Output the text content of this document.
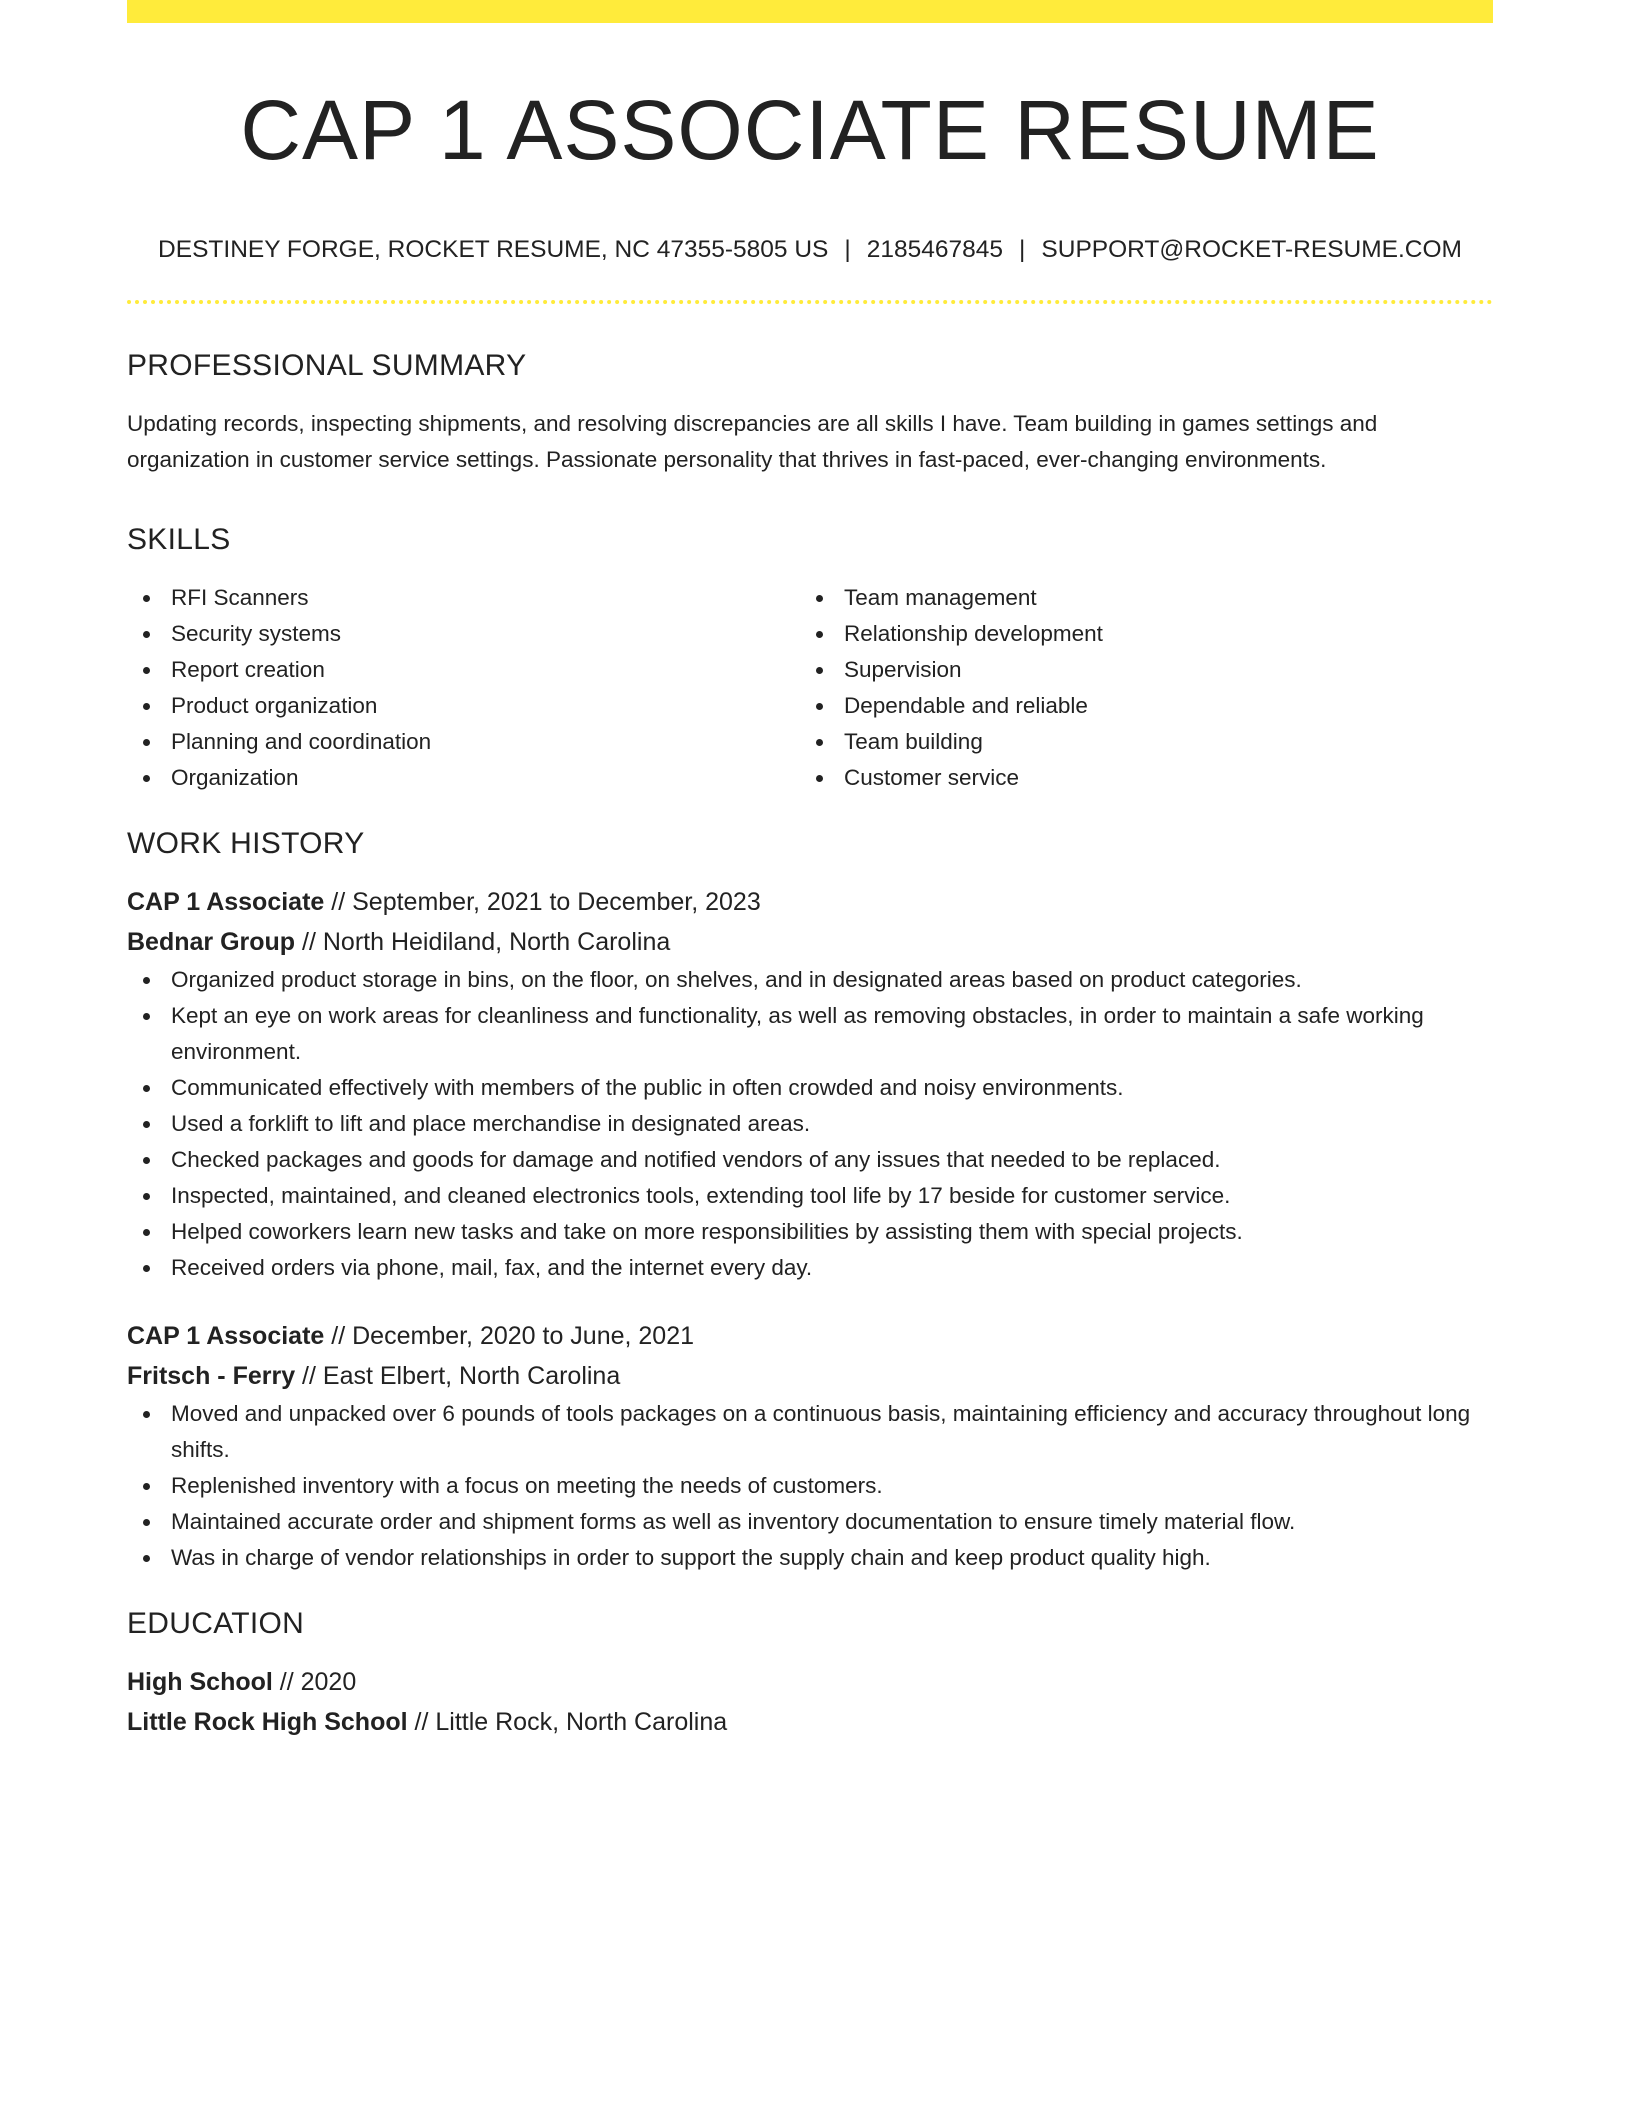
CAP 1 ASSOCIATE RESUME
DESTINEY FORGE, ROCKET RESUME, NC 47355-5805 US | 2185467845 | SUPPORT@ROCKET-RESUME.COM
PROFESSIONAL SUMMARY
Updating records, inspecting shipments, and resolving discrepancies are all skills I have. Team building in games settings and organization in customer service settings. Passionate personality that thrives in fast-paced, ever-changing environments.
SKILLS
RFI Scanners
Security systems
Report creation
Product organization
Planning and coordination
Organization
Team management
Relationship development
Supervision
Dependable and reliable
Team building
Customer service
WORK HISTORY
CAP 1 Associate // September, 2021 to December, 2023
Bednar Group // North Heidiland, North Carolina
Organized product storage in bins, on the floor, on shelves, and in designated areas based on product categories.
Kept an eye on work areas for cleanliness and functionality, as well as removing obstacles, in order to maintain a safe working environment.
Communicated effectively with members of the public in often crowded and noisy environments.
Used a forklift to lift and place merchandise in designated areas.
Checked packages and goods for damage and notified vendors of any issues that needed to be replaced.
Inspected, maintained, and cleaned electronics tools, extending tool life by 17 beside for customer service.
Helped coworkers learn new tasks and take on more responsibilities by assisting them with special projects.
Received orders via phone, mail, fax, and the internet every day.
CAP 1 Associate // December, 2020 to June, 2021
Fritsch - Ferry // East Elbert, North Carolina
Moved and unpacked over 6 pounds of tools packages on a continuous basis, maintaining efficiency and accuracy throughout long shifts.
Replenished inventory with a focus on meeting the needs of customers.
Maintained accurate order and shipment forms as well as inventory documentation to ensure timely material flow.
Was in charge of vendor relationships in order to support the supply chain and keep product quality high.
EDUCATION
High School // 2020
Little Rock High School // Little Rock, North Carolina
